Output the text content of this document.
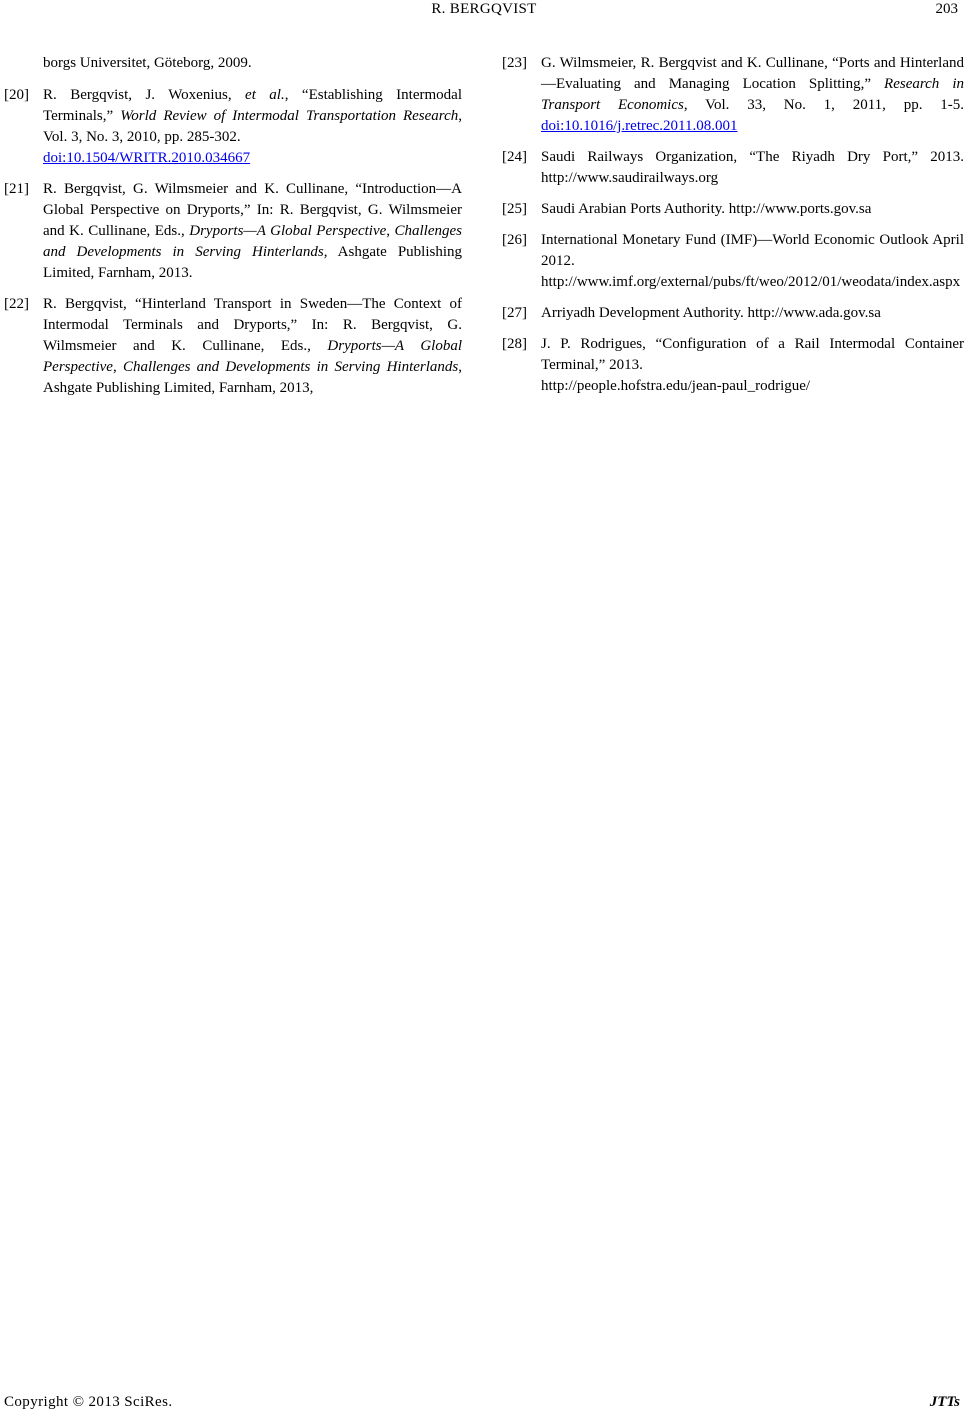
R. BERGQVIST	203
borgs Universitet, Göteborg, 2009.
[20] R. Bergqvist, J. Woxenius, et al., “Establishing Intermodal Terminals,” World Review of Intermodal Transportation Research, Vol. 3, No. 3, 2010, pp. 285-302.
doi:10.1504/WRITR.2010.034667
[21] R. Bergqvist, G. Wilmsmeier and K. Cullinane, “Introduction—A Global Perspective on Dryports,” In: R. Bergqvist, G. Wilmsmeier and K. Cullinane, Eds., Dryports—A Global Perspective, Challenges and Developments in Serving Hinterlands, Ashgate Publishing Limited, Farnham, 2013.
[22] R. Bergqvist, “Hinterland Transport in Sweden—The Context of Intermodal Terminals and Dryports,” In: R. Bergqvist, G. Wilmsmeier and K. Cullinane, Eds., Dryports—A Global Perspective, Challenges and Developments in Serving Hinterlands, Ashgate Publishing Limited, Farnham, 2013,
[23] G. Wilmsmeier, R. Bergqvist and K. Cullinane, “Ports and Hinterland—Evaluating and Managing Location Splitting,” Research in Transport Economics, Vol. 33, No. 1, 2011, pp. 1-5. doi:10.1016/j.retrec.2011.08.001
[24] Saudi Railways Organization, “The Riyadh Dry Port,” 2013. http://www.saudirailways.org
[25] Saudi Arabian Ports Authority. http://www.ports.gov.sa
[26] International Monetary Fund (IMF)—World Economic Outlook April 2012.
http://www.imf.org/external/pubs/ft/weo/2012/01/weodata/index.aspx
[27] Arriyadh Development Authority. http://www.ada.gov.sa
[28] J. P. Rodrigues, “Configuration of a Rail Intermodal Container Terminal,” 2013.
http://people.hofstra.edu/jean-paul_rodrigue/
Copyright © 2013 SciRes.	JTTs
